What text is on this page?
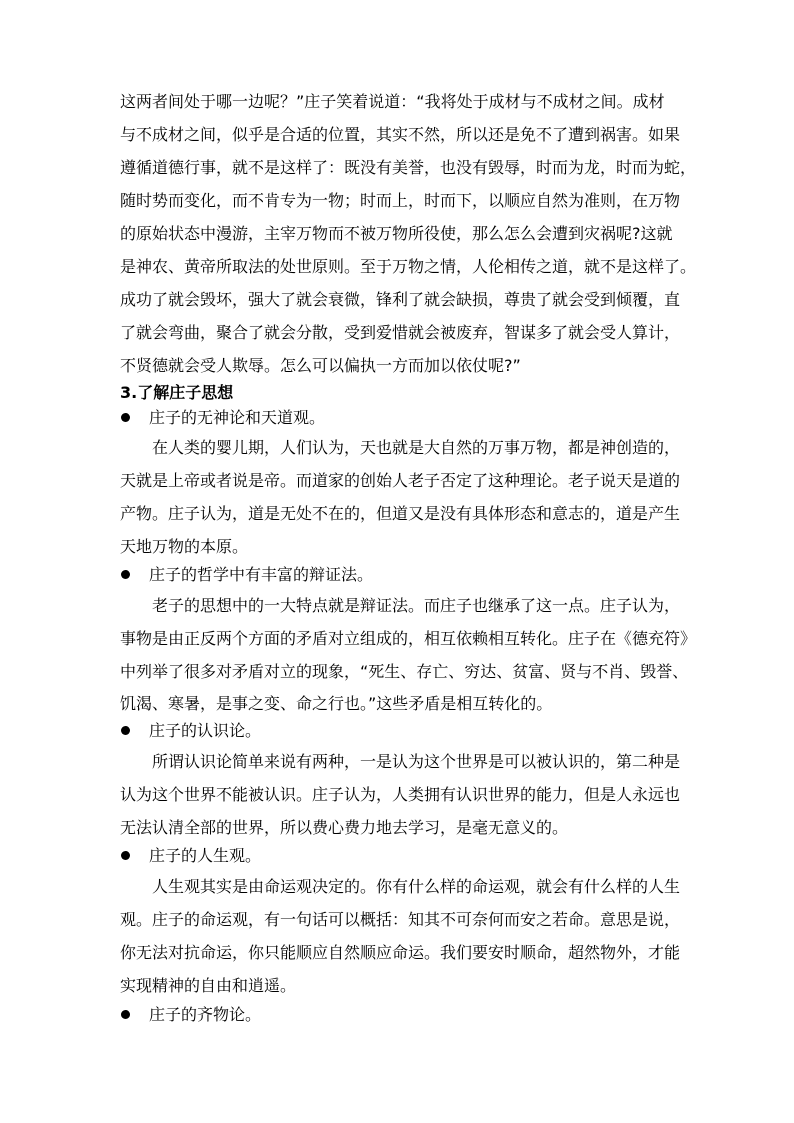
这两者间处于哪一边呢？”庄子笑着说道：“我将处于成材与不成材之间。成材
与不成材之间，似乎是合适的位置，其实不然，所以还是免不了遭到祸害。如果
遵循道德行事，就不是这样了：既没有美誉，也没有毁辱，时而为龙，时而为蛇，
随时势而变化，而不肯专为一物；时而上，时而下，以顺应自然为准则，在万物
的原始状态中漫游，主宰万物而不被万物所役使，那么怎么会遭到灾祸呢?这就
是神农、黄帝所取法的处世原则。至于万物之情，人伦相传之道，就不是这样了。
成功了就会毁坏，强大了就会衰微，锋利了就会缺损，尊贵了就会受到倾覆，直
了就会弯曲，聚合了就会分散，受到爱惜就会被废弃，智谋多了就会受人算计，
不贤德就会受人欺辱。怎么可以偏执一方而加以依仗呢?”
3.了解庄子思想
庄子的无神论和天道观。
在人类的婴儿期，人们认为，天也就是大自然的万事万物，都是神创造的，
天就是上帝或者说是帝。而道家的创始人老子否定了这种理论。老子说天是道的
产物。庄子认为，道是无处不在的，但道又是没有具体形态和意志的，道是产生
天地万物的本原。
庄子的哲学中有丰富的辩证法。
老子的思想中的一大特点就是辩证法。而庄子也继承了这一点。庄子认为，
事物是由正反两个方面的矛盾对立组成的，相互依赖相互转化。庄子在《德充符》
中列举了很多对矛盾对立的现象，“死生、存亡、穷达、贫富、贤与不肖、毁誉、
饥渴、寒暑，是事之变、命之行也。”这些矛盾是相互转化的。
庄子的认识论。
所谓认识论简单来说有两种，一是认为这个世界是可以被认识的，第二种是
认为这个世界不能被认识。庄子认为，人类拥有认识世界的能力，但是人永远也
无法认清全部的世界，所以费心费力地去学习，是毫无意义的。
庄子的人生观。
人生观其实是由命运观决定的。你有什么样的命运观，就会有什么样的人生
观。庄子的命运观，有一句话可以概括：知其不可奈何而安之若命。意思是说，
你无法对抗命运，你只能顺应自然顺应命运。我们要安时顺命，超然物外，才能
实现精神的自由和逍遥。
庄子的齐物论。
